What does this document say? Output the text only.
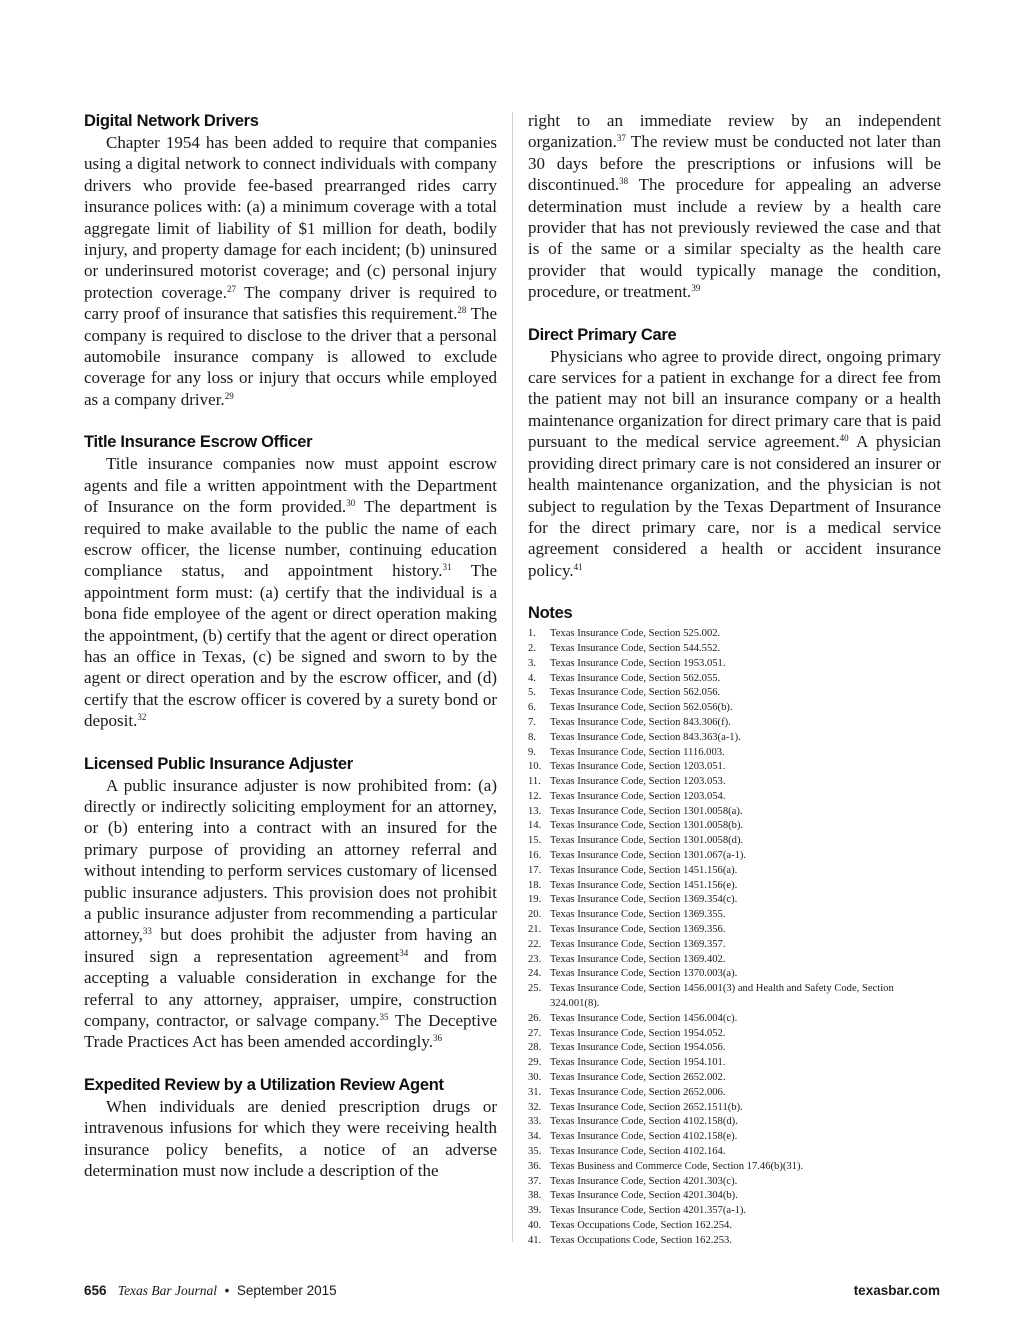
Digital Network Drivers

Chapter 1954 has been added to require that companies using a digital network to connect individuals with company drivers who provide fee-based prearranged rides carry insurance polices with: (a) a minimum coverage with a total aggregate limit of liability of $1 million for death, bodily injury, and property damage for each incident; (b) uninsured or underinsured motorist coverage; and (c) personal injury protection coverage.$^{27}$ The company driver is required to carry proof of insurance that satisfies this requirement.$^{28}$ The company is required to disclose to the driver that a personal automobile insurance company is allowed to exclude coverage for any loss or injury that occurs while employed as a company driver.$^{29}$

Title Insurance Escrow Officer

Title insurance companies now must appoint escrow agents and file a written appointment with the Department of Insurance on the form provided.$^{30}$ The department is required to make available to the public the name of each escrow officer, the license number, continuing education compliance status, and appointment history.$^{31}$ The appointment form must: (a) certify that the individual is a bona fide employee of the agent or direct operation making the appointment, (b) certify that the agent or direct operation has an office in Texas, (c) be signed and sworn to by the agent or direct operation and by the escrow officer, and (d) certify that the escrow officer is covered by a surety bond or deposit.$^{32}$

Licensed Public Insurance Adjuster

A public insurance adjuster is now prohibited from: (a) directly or indirectly soliciting employment for an attorney, or (b) entering into a contract with an insured for the primary purpose of providing an attorney referral and without intending to perform services customary of licensed public insurance adjusters. This provision does not prohibit a public insurance adjuster from recommending a particular attorney,$^{33}$ but does prohibit the adjuster from having an insured sign a representation agreement$^{34}$ and from accepting a valuable consideration in exchange for the referral to any attorney, appraiser, umpire, construction company, contractor, or salvage company.$^{35}$ The Deceptive Trade Practices Act has been amended accordingly.$^{36}$

Expedited Review by a Utilization Review Agent

When individuals are denied prescription drugs or intravenous infusions for which they were receiving health insurance policy benefits, a notice of an adverse determination must now include a description of the

right to an immediate review by an independent organization.$^{37}$ The review must be conducted not later than 30 days before the prescriptions or infusions will be discontinued.$^{38}$ The procedure for appealing an adverse determination must include a review by a health care provider that has not previously reviewed the case and that is of the same or a similar specialty as the health care provider that would typically manage the condition, procedure, or treatment.$^{39}$

Direct Primary Care

Physicians who agree to provide direct, ongoing primary care services for a patient in exchange for a direct fee from the patient may not bill an insurance company or a health maintenance organization for direct primary care that is paid pursuant to the medical service agreement.$^{40}$ A physician providing direct primary care is not considered an insurer or health maintenance organization, and the physician is not subject to regulation by the Texas Department of Insurance for the direct primary care, nor is a medical service agreement considered a health or accident insurance policy.$^{41}$

Notes
1.	Texas Insurance Code, Section 525.002.
2.	Texas Insurance Code, Section 544.552.
3.	Texas Insurance Code, Section 1953.051.
4.	Texas Insurance Code, Section 562.055.
5.	Texas Insurance Code, Section 562.056.
6.	Texas Insurance Code, Section 562.056(b).
7.	Texas Insurance Code, Section 843.306(f).
8.	Texas Insurance Code, Section 843.363(a-1).
9.	Texas Insurance Code, Section 1116.003.
10. Texas Insurance Code, Section 1203.051.
11. Texas Insurance Code, Section 1203.053.
12. Texas Insurance Code, Section 1203.054.
13. Texas Insurance Code, Section 1301.0058(a).
14. Texas Insurance Code, Section 1301.0058(b).
15. Texas Insurance Code, Section 1301.0058(d).
16. Texas Insurance Code, Section 1301.067(a-1).
17. Texas Insurance Code, Section 1451.156(a).
18. Texas Insurance Code, Section 1451.156(e).
19. Texas Insurance Code, Section 1369.354(c).
20. Texas Insurance Code, Section 1369.355.
21. Texas Insurance Code, Section 1369.356.
22. Texas Insurance Code, Section 1369.357.
23. Texas Insurance Code, Section 1369.402.
24. Texas Insurance Code, Section 1370.003(a).
25. Texas Insurance Code, Section 1456.001(3) and Health and Safety Code, Section 324.001(8).
26. Texas Insurance Code, Section 1456.004(c).
27. Texas Insurance Code, Section 1954.052.
28. Texas Insurance Code, Section 1954.056.
29. Texas Insurance Code, Section 1954.101.
30. Texas Insurance Code, Section 2652.002.
31. Texas Insurance Code, Section 2652.006.
32. Texas Insurance Code, Section 2652.1511(b).
33. Texas Insurance Code, Section 4102.158(d).
34. Texas Insurance Code, Section 4102.158(e).
35. Texas Insurance Code, Section 4102.164.
36. Texas Business and Commerce Code, Section 17.46(b)(31).
37. Texas Insurance Code, Section 4201.303(c).
38. Texas Insurance Code, Section 4201.304(b).
39. Texas Insurance Code, Section 4201.357(a-1).
40. Texas Occupations Code, Section 162.254.
41. Texas Occupations Code, Section 162.253.
656 Texas Bar Journal • September 2015	texasbar.com
